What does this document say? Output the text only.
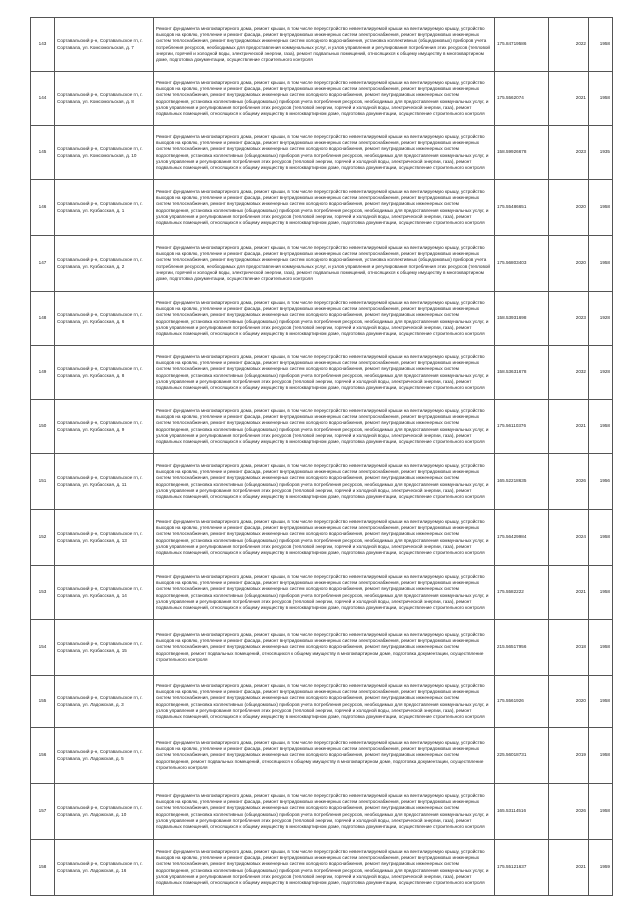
143	Сортавальский р-н, Сортавальское гп, г. Сортавала, ул. Комсомольская, д. 7	Ремонт фундамента многоквартирного дома, ремонт крыши, в том числе переустройство невентилируемой крыши на вентилируемую крышу, устройство выходов на кровлю, утепление и ремонт фасада, ремонт внутридомовых инженерных систем электроснабжения, ремонт внутридомовых инженерных систем теплоснабжения, ремонт внутридомовых инженерных систем холодного водоснабжения, установка коллективных (общедомовых) приборов учета потребления ресурсов, необходимых для предоставления коммунальных услуг, и узлов управления и регулирования потребления этих ресурсов (тепловой энергии, горячей и холодной воды, электрической энергии, газа), ремонт подвальных помещений, относящихся к общему имуществу в многоквартирном доме, подготовка документации, осуществление строительного контроля	175.84719586	2022	1958
144	Сортавальский р-н, Сортавальское гп, г. Сортавала, ул. Комсомольская, д. 8	Ремонт фундамента многоквартирного дома, ремонт крыши, в том числе переустройство невентилируемой крыши на вентилируемую крышу, устройство выходов на кровлю, утепление и ремонт фасада, ремонт внутридомовых инженерных систем электроснабжения, ремонт внутридомовых инженерных систем теплоснабжения, ремонт внутридомовых инженерных систем холодного водоснабжения, ремонт внутридомовых инженерных систем водоотведения, установка коллективных (общедомовых) приборов учета потребления ресурсов, необходимых для предоставления коммунальных услуг, и узлов управления и регулирования потребления этих ресурсов (тепловой энергии, горячей и холодной воды, электрической энергии, газа), ремонт подвальных помещений, относящихся к общему имуществу в многоквартирном доме, подготовка документации, осуществление строительного контроля	175.5562074	2021	1958
145	Сортавальский р-н, Сортавальское гп, г. Сортавала, ул. Комсомольская, д. 10	Ремонт фундамента многоквартирного дома, ремонт крыши, в том числе переустройство невентилируемой крыши на вентилируемую крышу, устройство выходов на кровлю, утепление и ремонт фасада, ремонт внутридомовых инженерных систем электроснабжения, ремонт внутридомовых инженерных систем теплоснабжения, ремонт внутридомовых инженерных систем холодного водоснабжения, ремонт внутридомовых инженерных систем водоотведения, установка коллективных (общедомовых) приборов учета потребления ресурсов, необходимых для предоставления коммунальных услуг, и узлов управления и регулирования потребления этих ресурсов (тепловой энергии, горячей и холодной воды, электрической энергии, газа), ремонт подвальных помещений, относящихся к общему имуществу в многоквартирном доме, подготовка документации, осуществление строительного контроля	158.59926678	2023	1935
146	Сортавальский р-н, Сортавальское гп, г. Сортавала, ул. Кузбасская, д. 1	Ремонт фундамента многоквартирного дома, ремонт крыши, в том числе переустройство невентилируемой крыши на вентилируемую крышу, устройство выходов на кровлю, утепление и ремонт фасада, ремонт внутридомовых инженерных систем электроснабжения, ремонт внутридомовых инженерных систем теплоснабжения, ремонт внутридомовых инженерных систем холодного водоснабжения, ремонт внутридомовых инженерных систем водоотведения, установка коллективных (общедомовых) приборов учета потребления ресурсов, необходимых для предоставления коммунальных услуг, и узлов управления и регулирования потребления этих ресурсов (тепловой энергии, горячей и холодной воды, электрической энергии, газа), ремонт подвальных помещений, относящихся к общему имуществу в многоквартирном доме, подготовка документации, осуществление строительного контроля	175.55486651	2020	1958
147	Сортавальский р-н, Сортавальское гп, г. Сортавала, ул. Кузбасская, д. 2	Ремонт фундамента многоквартирного дома, ремонт крыши, в том числе переустройство невентилируемой крыши на вентилируемую крышу, устройство выходов на кровлю, утепление и ремонт фасада, ремонт внутридомовых инженерных систем электроснабжения, ремонт внутридомовых инженерных систем теплоснабжения, ремонт внутридомовых инженерных систем холодного водоснабжения, установка коллективных (общедомовых) приборов учета потребления ресурсов, необходимых для предоставления коммунальных услуг, и узлов управления и регулирования потребления этих ресурсов (тепловой энергии, горячей и холодной воды, электрической энергии, газа), ремонт подвальных помещений, относящихся к общему имуществу в многоквартирном доме, подготовка документации, осуществление строительного контроля	175.56803403	2020	1958
148	Сортавальский р-н, Сортавальское гп, г. Сортавала, ул. Кузбасская, д. 6	Ремонт фундамента многоквартирного дома, ремонт крыши, в том числе переустройство невентилируемой крыши на вентилируемую крышу, устройство выходов на кровлю, утепление и ремонт фасада, ремонт внутридомовых инженерных систем электроснабжения, ремонт внутридомовых инженерных систем теплоснабжения, ремонт внутридомовых инженерных систем холодного водоснабжения, ремонт внутридомовых инженерных систем водоотведения, установка коллективных (общедомовых) приборов учета потребления ресурсов, необходимых для предоставления коммунальных услуг, и узлов управления и регулирования потребления этих ресурсов (тепловой энергии, горячей и холодной воды, электрической энергии, газа), ремонт подвальных помещений, относящихся к общему имуществу в многоквартирном доме, подготовка документации, осуществление строительного контроля	158.53931698	2023	1928
149	Сортавальский р-н, Сортавальское гп, г. Сортавала, ул. Кузбасская, д. 8	Ремонт фундамента многоквартирного дома, ремонт крыши, в том числе переустройство невентилируемой крыши на вентилируемую крышу, устройство выходов на кровлю, утепление и ремонт фасада, ремонт внутридомовых инженерных систем электроснабжения, ремонт внутридомовых инженерных систем теплоснабжения, ремонт внутридомовых инженерных систем холодного водоснабжения, ремонт внутридомовых инженерных систем водоотведения, установка коллективных (общедомовых) приборов учета потребления ресурсов, необходимых для предоставления коммунальных услуг, и узлов управления и регулирования потребления этих ресурсов (тепловой энергии, горячей и холодной воды, электрической энергии, газа), ремонт подвальных помещений, относящихся к общему имуществу в многоквартирном доме, подготовка документации, осуществление строительного контроля	158.53631678	2032	1928
150	Сортавальский р-н, Сортавальское гп, г. Сортавала, ул. Кузбасская, д. 9	Ремонт фундамента многоквартирного дома, ремонт крыши, в том числе переустройство невентилируемой крыши на вентилируемую крышу, устройство выходов на кровлю, утепление и ремонт фасада, ремонт внутридомовых инженерных систем электроснабжения, ремонт внутридомовых инженерных систем теплоснабжения, ремонт внутридомовых инженерных систем холодного водоснабжения, ремонт внутридомовых инженерных систем водоотведения, установка коллективных (общедомовых) приборов учета потребления ресурсов, необходимых для предоставления коммунальных услуг, и узлов управления и регулирования потребления этих ресурсов (тепловой энергии, горячей и холодной воды, электрической энергии, газа), ремонт подвальных помещений, относящихся к общему имуществу в многоквартирном доме, подготовка документации, осуществление строительного контроля	175.56110376	2021	1958
151	Сортавальский р-н, Сортавальское гп, г. Сортавала, ул. Кузбасская, д. 11	Ремонт фундамента многоквартирного дома, ремонт крыши, в том числе переустройство невентилируемой крыши на вентилируемую крышу, устройство выходов на кровлю, утепление и ремонт фасада, ремонт внутридомовых инженерных систем электроснабжения, ремонт внутридомовых инженерных систем теплоснабжения, ремонт внутридомовых инженерных систем холодного водоснабжения, ремонт внутридомовых инженерных систем водоотведения, установка коллективных (общедомовых) приборов учета потребления ресурсов, необходимых для предоставления коммунальных услуг, и узлов управления и регулирования потребления этих ресурсов (тепловой энергии, горячей и холодной воды, электрической энергии, газа), ремонт подвальных помещений, относящихся к общему имуществу в многоквартирном доме, подготовка документации, осуществление строительного контроля	165.52218635	2026	1956
152	Сортавальский р-н, Сортавальское гп, г. Сортавала, ул. Кузбасская, д. 13	Ремонт фундамента многоквартирного дома, ремонт крыши, в том числе переустройство невентилируемой крыши на вентилируемую крышу, устройство выходов на кровлю, утепление и ремонт фасада, ремонт внутридомовых инженерных систем электроснабжения, ремонт внутридомовых инженерных систем теплоснабжения, ремонт внутридомовых инженерных систем холодного водоснабжения, ремонт внутридомовых инженерных систем водоотведения, установка коллективных (общедомовых) приборов учета потребления ресурсов, необходимых для предоставления коммунальных услуг, и узлов управления и регулирования потребления этих ресурсов (тепловой энергии, горячей и холодной воды, электрической энергии, газа), ремонт подвальных помещений, относящихся к общему имуществу в многоквартирном доме, подготовка документации, осуществление строительного контроля	175.56429984	2024	1958
153	Сортавальский р-н, Сортавальское гп, г. Сортавала, ул. Кузбасская, д. 14	Ремонт фундамента многоквартирного дома, ремонт крыши, в том числе переустройство невентилируемой крыши на вентилируемую крышу, устройство выходов на кровлю, утепление и ремонт фасада, ремонт внутридомовых инженерных систем электроснабжения, ремонт внутридомовых инженерных систем теплоснабжения, ремонт внутридомовых инженерных систем холодного водоснабжения, ремонт внутридомовых инженерных систем водоотведения, установка коллективных (общедомовых) приборов учета потребления ресурсов, необходимых для предоставления коммунальных услуг, и узлов управления и регулирования потребления этих ресурсов (тепловой энергии, горячей и холодной воды, электрической энергии, газа), ремонт подвальных помещений, относящихся к общему имуществу в многоквартирном доме, подготовка документации, осуществление строительного контроля	175.5582222	2021	1958
154	Сортавальский р-н, Сортавальское гп, г. Сортавала, ул. Кузбасская, д. 15	Ремонт фундамента многоквартирного дома, ремонт крыши, в том числе переустройство невентилируемой крыши на вентилируемую крышу, устройство выходов на кровлю, утепление и ремонт фасада, ремонт внутридомовых инженерных систем электроснабжения, ремонт внутридомовых инженерных систем теплоснабжения, ремонт внутридомовых инженерных систем холодного водоснабжения, ремонт внутридомовых инженерных систем водоотведения, ремонт подвальных помещений, относящихся к общему имуществу в многоквартирном доме, подготовка документации, осуществление строительного контроля	215.56517956	2018	1958
155	Сортавальский р-н, Сортавальское гп, г. Сортавала, ул. Ладожская, д. 3	Ремонт фундамента многоквартирного дома, ремонт крыши, в том числе переустройство невентилируемой крыши на вентилируемую крышу, устройство выходов на кровлю, утепление и ремонт фасада, ремонт внутридомовых инженерных систем электроснабжения, ремонт внутридомовых инженерных систем теплоснабжения, ремонт внутридомовых инженерных систем холодного водоснабжения, ремонт внутридомовых инженерных систем водоотведения, установка коллективных (общедомовых) приборов учета потребления ресурсов, необходимых для предоставления коммунальных услуг, и узлов управления и регулирования потребления этих ресурсов (тепловой энергии, горячей и холодной воды, электрической энергии, газа), ремонт подвальных помещений, относящихся к общему имуществу в многоквартирном доме, подготовка документации, осуществление строительного контроля	175.5561926	2020	1958
156	Сортавальский р-н, Сортавальское гп, г. Сортавала, ул. Ладожская, д. 5	Ремонт фундамента многоквартирного дома, ремонт крыши, в том числе переустройство невентилируемой крыши на вентилируемую крышу, устройство выходов на кровлю, утепление и ремонт фасада, ремонт внутридомовых инженерных систем электроснабжения, ремонт внутридомовых инженерных систем теплоснабжения, ремонт внутридомовых инженерных систем холодного водоснабжения, ремонт внутридомовых инженерных систем водоотведения, ремонт подвальных помещений, относящихся к общему имуществу в многоквартирном доме, подготовка документации, осуществление строительного контроля	225.56018731	2019	1958
157	Сортавальский р-н, Сортавальское гп, г. Сортавала, ул. Ладожская, д. 10	Ремонт фундамента многоквартирного дома, ремонт крыши, в том числе переустройство невентилируемой крыши на вентилируемую крышу, устройство выходов на кровлю, утепление и ремонт фасада, ремонт внутридомовых инженерных систем электроснабжения, ремонт внутридомовых инженерных систем теплоснабжения, ремонт внутридомовых инженерных систем холодного водоснабжения, ремонт внутридомовых инженерных систем водоотведения, установка коллективных (общедомовых) приборов учета потребления ресурсов, необходимых для предоставления коммунальных услуг, и узлов управления и регулирования потребления этих ресурсов (тепловой энергии, горячей и холодной воды, электрической энергии, газа), ремонт подвальных помещений, относящихся к общему имуществу в многоквартирном доме, подготовка документации, осуществление строительного контроля	165.53114516	2026	1958
158	Сортавальский р-н, Сортавальское гп, г. Сортавала, ул. Ладожская, д. 16	Ремонт фундамента многоквартирного дома, ремонт крыши, в том числе переустройство невентилируемой крыши на вентилируемую крышу, устройство выходов на кровлю, утепление и ремонт фасада, ремонт внутридомовых инженерных систем электроснабжения, ремонт внутридомовых инженерных систем теплоснабжения, ремонт внутридомовых инженерных систем холодного водоснабжения, ремонт внутридомовых инженерных систем водоотведения, установка коллективных (общедомовых) приборов учета потребления ресурсов, необходимых для предоставления коммунальных услуг, и узлов управления и регулирования потребления этих ресурсов (тепловой энергии, горячей и холодной воды, электрической энергии, газа), ремонт подвальных помещений, относящихся к общему имуществу в многоквартирном доме, подготовка документации, осуществление строительного контроля	175.55121637	2021	1959
